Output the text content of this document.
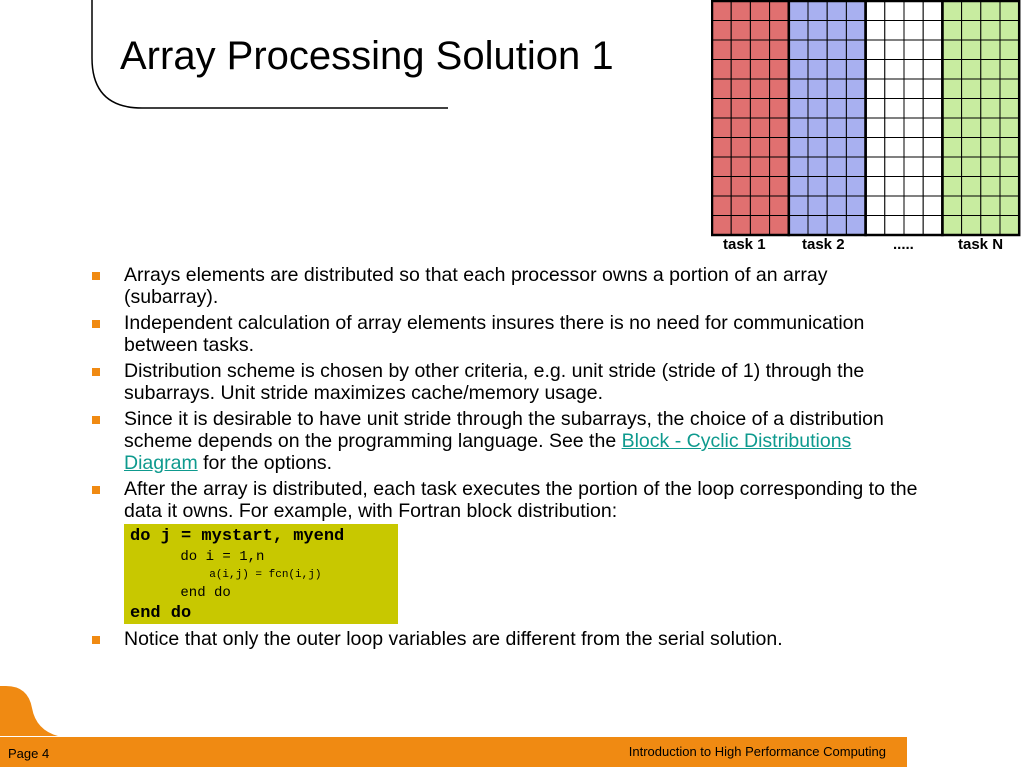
Array Processing Solution 1
task 1 task 2	.....	task N
Arrays elements are distributed so that each processor owns a portion of an array (subarray).
Independent calculation of array elements insures there is no need for communication between tasks.
Distribution scheme is chosen by other criteria, e.g. unit stride (stride of 1) through the subarrays. Unit stride maximizes cache/memory usage.
Since it is desirable to have unit stride through the subarrays, the choice of a distribution scheme depends on the programming language. See the Block - Cyclic Distributions Diagram for the options.
After the array is distributed, each task executes the portion of the loop corresponding to the data it owns. For example, with Fortran block distribution:
do j = mystart, myend
do i = 1,n
a(i,j) = fcn(i,j)
end do
end do
Notice that only the outer loop variables are different from the serial solution.
Page 4	Introduction to High Performance Computing
